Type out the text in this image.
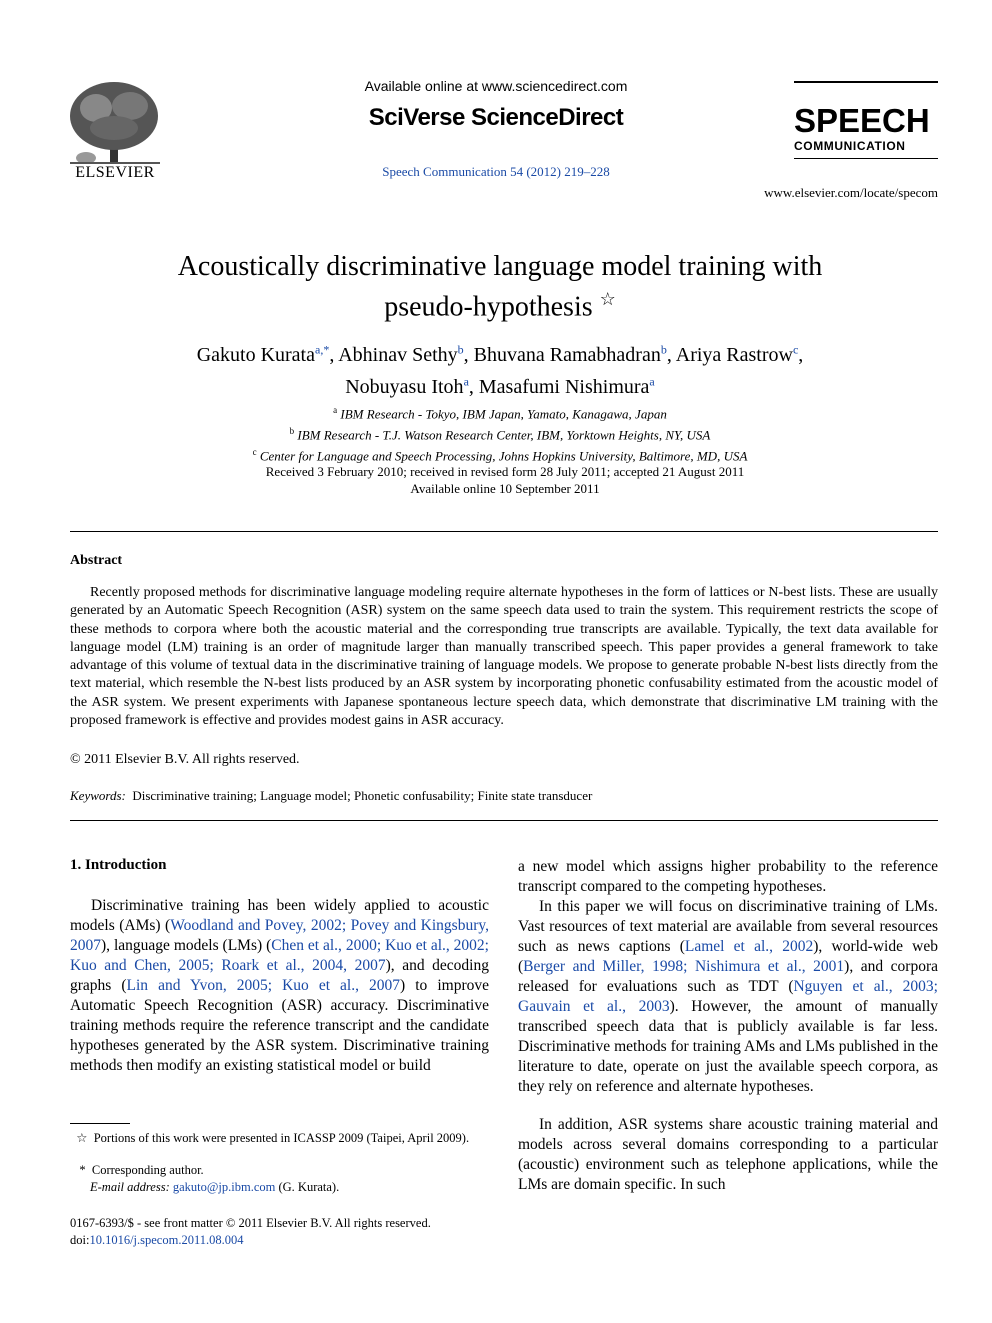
ELSEVIER
Available online at www.sciencedirect.com
SciVerse ScienceDirect
Speech Communication 54 (2012) 219–228
SPEECH
COMMUNICATION
www.elsevier.com/locate/specom
Acoustically discriminative language model training with
pseudo-hypothesis ☆
Gakuto Kurata$^{a,*}$, Abhinav Sethy$^b$, Bhuvana Ramabhadran$^b$, Ariya Rastrow$^c$,
Nobuyasu Itoh$^a$, Masafumi Nishimura$^a$
$^a$ IBM Research - Tokyo, IBM Japan, Yamato, Kanagawa, Japan
$^b$ IBM Research - T.J. Watson Research Center, IBM, Yorktown Heights, NY, USA
$^c$ Center for Language and Speech Processing, Johns Hopkins University, Baltimore, MD, USA
Received 3 February 2010; received in revised form 28 July 2011; accepted 21 August 2011
Available online 10 September 2011
Abstract
Recently proposed methods for discriminative language modeling require alternate hypotheses in the form of lattices or N-best lists. These are usually generated by an Automatic Speech Recognition (ASR) system on the same speech data used to train the system. This requirement restricts the scope of these methods to corpora where both the acoustic material and the corresponding true transcripts are available. Typically, the text data available for language model (LM) training is an order of magnitude larger than manually transcribed speech. This paper provides a general framework to take advantage of this volume of textual data in the discriminative training of language models. We propose to generate probable N-best lists directly from the text material, which resemble the N-best lists produced by an ASR system by incorporating phonetic confusability estimated from the acoustic model of the ASR system. We present experiments with Japanese spontaneous lecture speech data, which demonstrate that discriminative LM training with the proposed framework is effective and provides modest gains in ASR accuracy.
© 2011 Elsevier B.V. All rights reserved.
Keywords: Discriminative training; Language model; Phonetic confusability; Finite state transducer
1. Introduction
Discriminative training has been widely applied to acoustic models (AMs) (Woodland and Povey, 2002; Povey and Kingsbury, 2007), language models (LMs) (Chen et al., 2000; Kuo et al., 2002; Kuo and Chen, 2005; Roark et al., 2004, 2007), and decoding graphs (Lin and Yvon, 2005; Kuo et al., 2007) to improve Automatic Speech Recognition (ASR) accuracy. Discriminative training methods require the reference transcript and the candidate hypotheses generated by the ASR system. Discriminative training methods then modify an existing statistical model or build
a new model which assigns higher probability to the reference transcript compared to the competing hypotheses.
In this paper we will focus on discriminative training of LMs. Vast resources of text material are available from several resources such as news captions (Lamel et al., 2002), world-wide web (Berger and Miller, 1998; Nishimura et al., 2001), and corpora released for evaluations such as TDT (Nguyen et al., 2003; Gauvain et al., 2003). However, the amount of manually transcribed speech data that is publicly available is far less. Discriminative methods for training AMs and LMs published in the literature to date, operate on just the available speech corpora, as they rely on reference and alternate hypotheses.
In addition, ASR systems share acoustic training material and models across several domains corresponding to a particular (acoustic) environment such as telephone applications, while the LMs are domain specific. In such
☆ Portions of this work were presented in ICASSP 2009 (Taipei, April 2009).
* Corresponding author.
E-mail address: gakuto@jp.ibm.com (G. Kurata).
0167-6393/$ - see front matter © 2011 Elsevier B.V. All rights reserved.
doi:10.1016/j.specom.2011.08.004
